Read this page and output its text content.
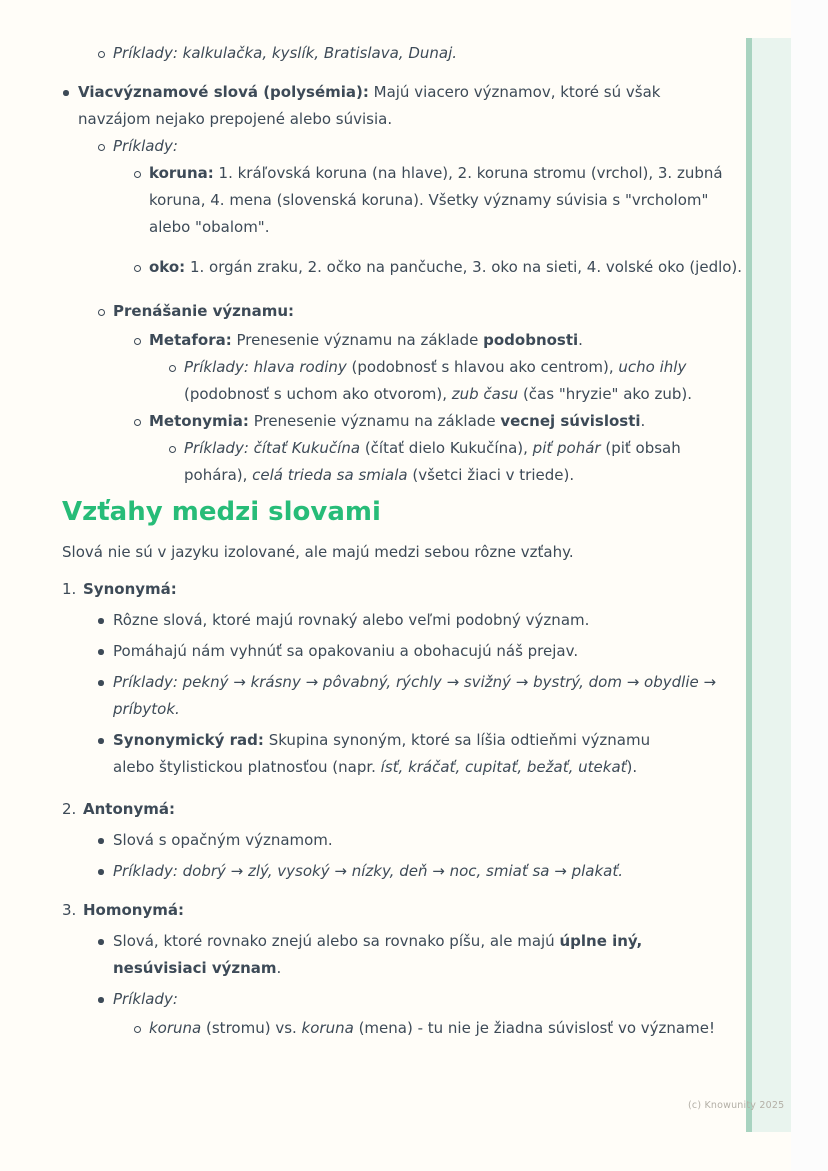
Príklady: kalkulačka, kyslík, Bratislava, Dunaj.
Viacvýznamové slová (polysémia): Majú viacero významov, ktoré sú však navzájom nejako prepojené alebo súvisia.
Príklady:
koruna: 1. kráľovská koruna (na hlave), 2. koruna stromu (vrchol), 3. zubná koruna, 4. mena (slovenská koruna). Všetky významy súvisia s "vrcholom" alebo "obalom".
oko: 1. orgán zraku, 2. očko na pančuche, 3. oko na sieti, 4. volské oko (jedlo).
Prenášanie významu:
Metafora: Prenesenie významu na základe podobnosti.
Príklady: hlava rodiny (podobnosť s hlavou ako centrom), ucho ihly (podobnosť s uchom ako otvorom), zub času (čas "hryzie" ako zub).
Metonymia: Prenesenie významu na základe vecnej súvislosti.
Príklady: čítať Kukučína (čítať dielo Kukučína), piť pohár (piť obsah pohára), celá trieda sa smiala (všetci žiaci v triede).
Vzťahy medzi slovami

Slová nie sú v jazyku izolované, ale majú medzi sebou rôzne vzťahy.

1. Synonymá:
Rôzne slová, ktoré majú rovnaký alebo veľmi podobný význam.
Pomáhajú nám vyhnúť sa opakovaniu a obohacujú náš prejav.
Príklady: pekný → krásny → pôvabný, rýchly → svižný → bystrý, dom → obydlie → príbytok.
Synonymický rad: Skupina synoným, ktoré sa líšia odtieňmi významu alebo štylistickou platnosťou (napr. ísť, kráčať, cupitať, bežať, utekať).
2. Antonymá:
Slová s opačným významom.
Príklady: dobrý → zlý, vysoký → nízky, deň → noc, smiať sa → plakať.
3. Homonymá:
Slová, ktoré rovnako znejú alebo sa rovnako píšu, ale majú úplne iný, nesúvisiaci význam.
Príklady:
koruna (stromu) vs. koruna (mena) - tu nie je žiadna súvislosť vo význame!
(c) Knowunity 2025
